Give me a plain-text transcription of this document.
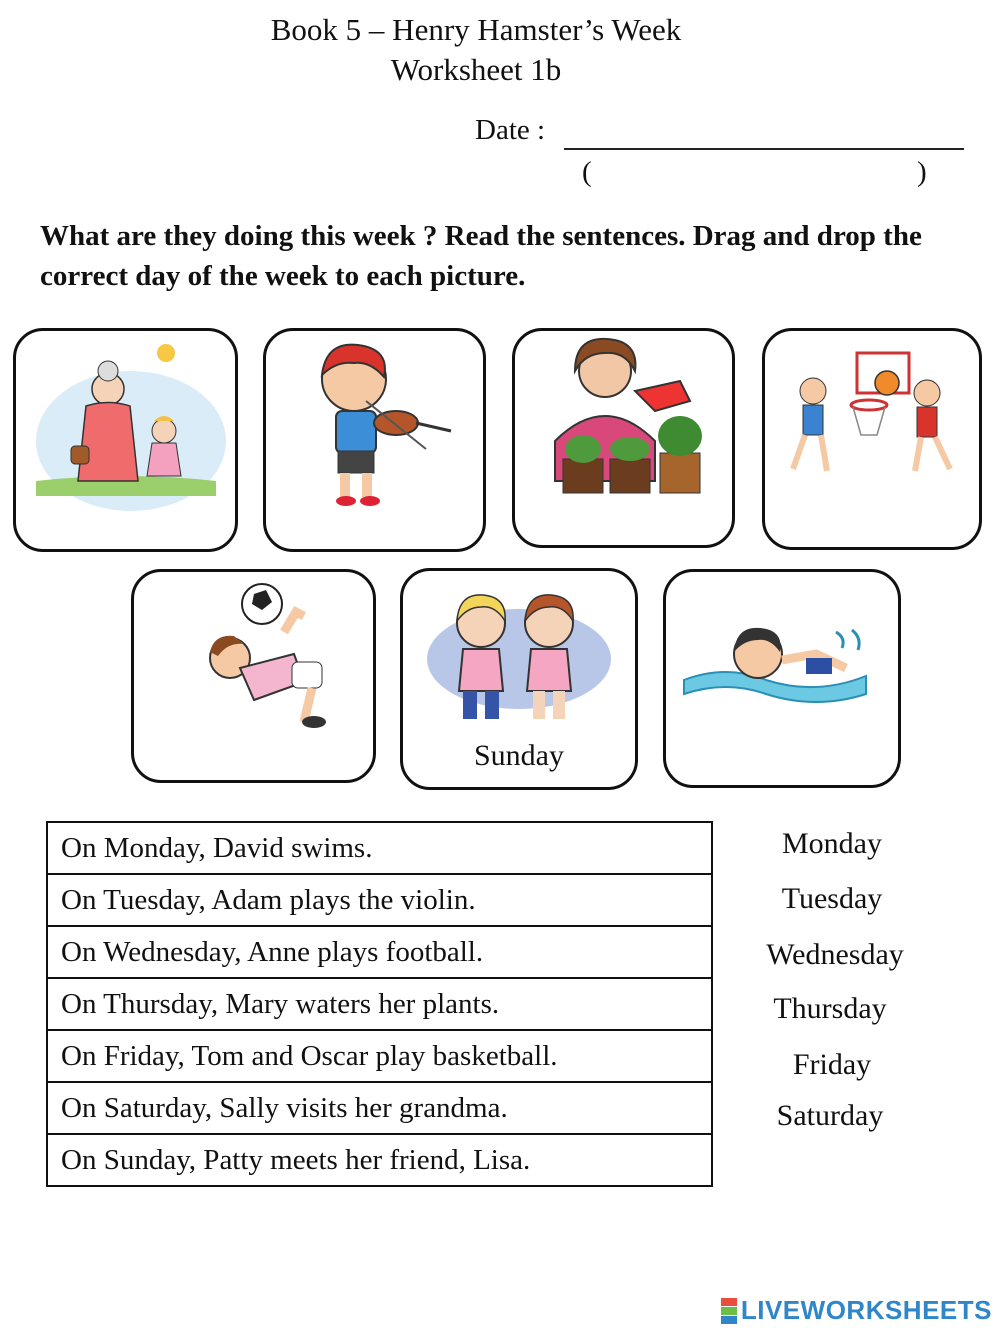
Book 5 – Henry Hamster’s Week
Worksheet 1b
Date :
(	)
What are they doing this week ? Read the sentences. Drag and drop the correct day of the week to each picture.
Sunday
On Monday, David swims.
On Tuesday, Adam plays the violin.
On Wednesday, Anne plays football.
On Thursday, Mary waters her plants.
On Friday, Tom and Oscar play basketball.
On Saturday, Sally visits her grandma.
On Sunday, Patty meets her friend, Lisa.
Monday
Tuesday
Wednesday
Thursday
Friday
Saturday
LIVEWORKSHEETS
